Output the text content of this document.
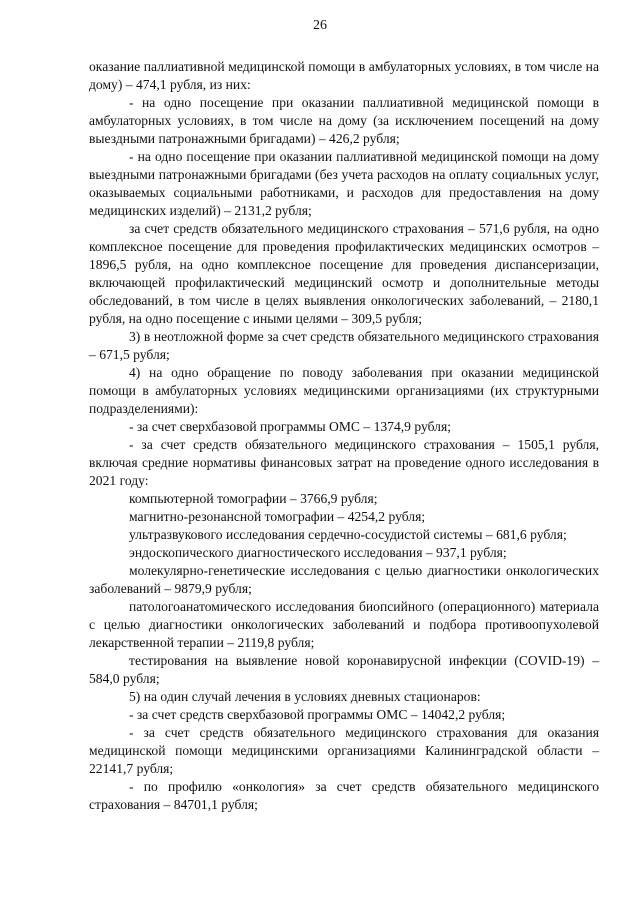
26

оказание паллиативной медицинской помощи в амбулаторных условиях, в том числе на дому) – 474,1 рубля, из них:

- на одно посещение при оказании паллиативной медицинской помощи в амбулаторных условиях, в том числе на дому (за исключением посещений на дому выездными патронажными бригадами) – 426,2 рубля;

- на одно посещение при оказании паллиативной медицинской помощи на дому выездными патронажными бригадами (без учета расходов на оплату социальных услуг, оказываемых социальными работниками, и расходов для предоставления на дому медицинских изделий) – 2131,2 рубля;

за счет средств обязательного медицинского страхования – 571,6 рубля, на одно комплексное посещение для проведения профилактических медицинских осмотров – 1896,5 рубля, на одно комплексное посещение для проведения диспансеризации, включающей профилактический медицинский осмотр и дополнительные методы обследований, в том числе в целях выявления онкологических заболеваний, – 2180,1 рубля, на одно посещение с иными целями – 309,5 рубля;

3) в неотложной форме за счет средств обязательного медицинского страхования – 671,5 рубля;

4) на одно обращение по поводу заболевания при оказании медицинской помощи в амбулаторных условиях медицинскими организациями (их структурными подразделениями):

- за счет сверхбазовой программы ОМС – 1374,9 рубля;

- за счет средств обязательного медицинского страхования – 1505,1 рубля, включая средние нормативы финансовых затрат на проведение одного исследования в 2021 году:

компьютерной томографии – 3766,9 рубля;

магнитно-резонансной томографии – 4254,2 рубля;

ультразвукового исследования сердечно-сосудистой системы – 681,6 рубля;

эндоскопического диагностического исследования – 937,1 рубля;

молекулярно-генетические исследования с целью диагностики онкологических заболеваний – 9879,9 рубля;

патологоанатомического исследования биопсийного (операционного) материала с целью диагностики онкологических заболеваний и подбора противоопухолевой лекарственной терапии – 2119,8 рубля;

тестирования на выявление новой коронавирусной инфекции (COVID-19) – 584,0 рубля;

5) на один случай лечения в условиях дневных стационаров:

- за счет средств сверхбазовой программы ОМС – 14042,2 рубля;

- за счет средств обязательного медицинского страхования для оказания медицинской помощи медицинскими организациями Калининградской области – 22141,7 рубля;

- по профилю «онкология» за счет средств обязательного медицинского страхования – 84701,1 рубля;
